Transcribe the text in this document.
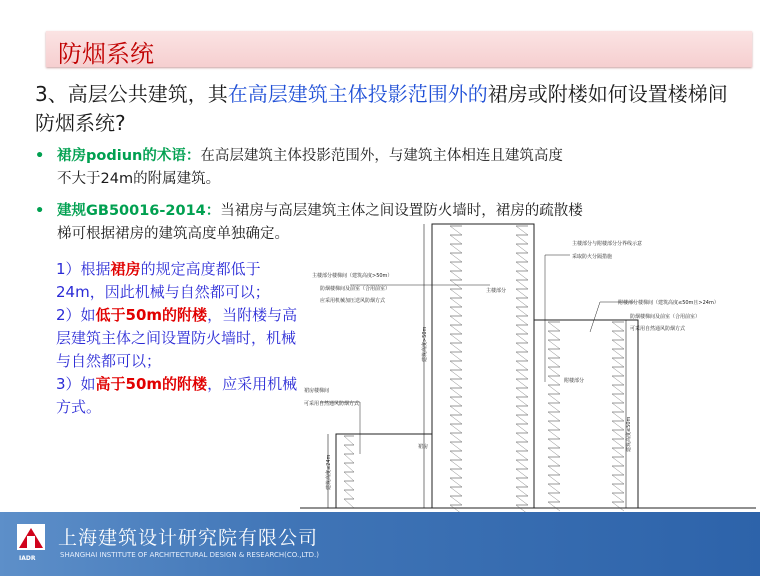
防烟系统
3、高层公共建筑，其在高层建筑主体投影范围外的裙房或附楼如何设置楼梯间防烟系统?
• 裙房podiun的术语：在高层建筑主体投影范围外，与建筑主体相连且建筑高度
不大于24m的附属建筑。
• 建规GB50016-2014：当裙房与高层建筑主体之间设置防火墙时，裙房的疏散楼
梯可根据裙房的建筑高度单独确定。
1）根据裙房的规定高度都低于24m，因此机械与自然都可以；
2）如低于50m的附楼，当附楼与高层建筑主体之间设置防火墙时，机械与自然都可以；
3）如高于50m的附楼，应采用机械方式。
主楼部分
附楼部分
裙房
建筑高度>50m
建筑高度≤50m
建筑高度≤24m
主楼部分与附楼部分分界线示意
采取防火分隔措施
主楼部分楼梯间（建筑高度>50m）
防烟楼梯间及前室（合用前室）
应采用机械加压送风防烟方式	附楼部分楼梯间（建筑高度≤50m且>24m）
防烟楼梯间及前室（合用前室）
可采用自然通风防烟方式
裙房楼梯间
可采用自然通风防烟方式
IADR
上海建筑设计研究院有限公司
SHANGHAI INSTITUTE OF ARCHITECTURAL DESIGN & RESEARCH(CO.,LTD.)
